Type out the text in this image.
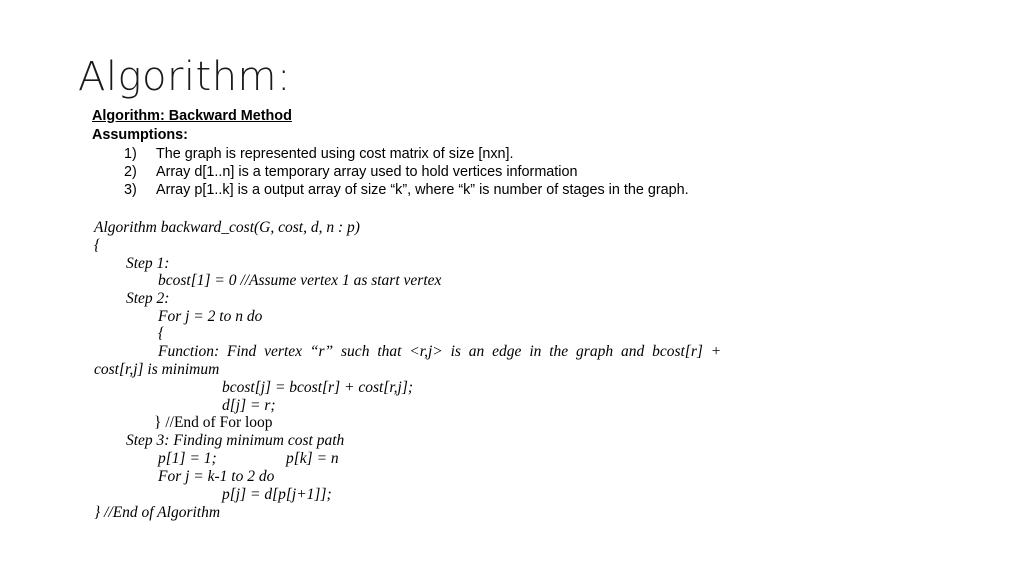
Algorithm:
Algorithm: Backward Method
Assumptions:
1) The graph is represented using cost matrix of size [nxn].
2) Array d[1..n] is a temporary array used to hold vertices information
3) Array p[1..k] is a output array of size “k”, where “k” is number of stages in the graph.
Algorithm backward_cost(G, cost, d, n : p)
{
Step 1:
bcost[1] = 0 //Assume vertex 1 as start vertex
Step 2:
For j = 2 to n do
{
Function: Find vertex “r” such that <r,j> is an edge in the graph and bcost[r] +
cost[r,j] is minimum
bcost[j] = bcost[r] + cost[r,j];
d[j] = r;
} //End of For loop
Step 3: Finding minimum cost path
p[1] = 1;	p[k] = n
For j = k-1 to 2 do
p[j] = d[p[j+1]];
} //End of Algorithm
